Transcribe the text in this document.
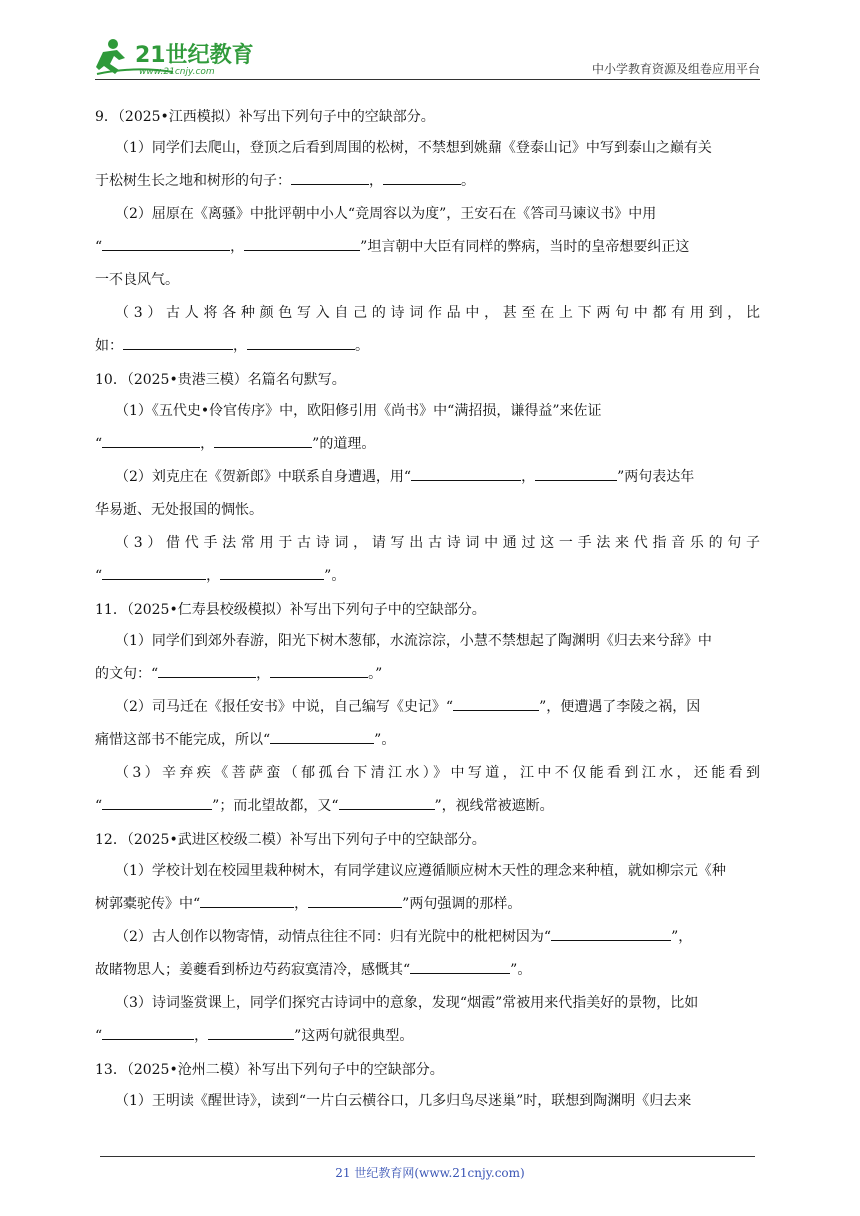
21世纪教育
www.21cnjy.com	中小学教育资源及组卷应用平台
9．（2025•江西模拟）补写出下列句子中的空缺部分。
（1）同学们去爬山，登顶之后看到周围的松树，不禁想到姚鼐《登泰山记》中写到泰山之巅有关
于松树生长之地和树形的句子：	，	。
（2）屈原在《离骚》中批评朝中小人“竞周容以为度”，王安石在《答司马谏议书》中用
“	，	”坦言朝中大臣有同样的弊病，当时的皇帝想要纠正这
一不良风气。
（3）古人将各种颜色写入自己的诗词作品中，甚至在上下两句中都有用到，比
如：	，	。
10．（2025•贵港三模）名篇名句默写。
（1）《五代史•伶官传序》中，欧阳修引用《尚书》中“满招损，谦得益”来佐证
“	，	”的道理。
（2）刘克庄在《贺新郎》中联系自身遭遇，用“	，	”两句表达年
华易逝、无处报国的惆怅。
（3）借代手法常用于古诗词，请写出古诗词中通过这一手法来代指音乐的句子
“	，	”。
11．（2025•仁寿县校级模拟）补写出下列句子中的空缺部分。
（1）同学们到郊外春游，阳光下树木葱郁，水流淙淙，小慧不禁想起了陶渊明《归去来兮辞》中
的文句：“	，	。”
（2）司马迁在《报任安书》中说，自己编写《史记》“	”，便遭遇了李陵之祸，因
痛惜这部书不能完成，所以“	”。
（3）辛弃疾《菩萨蛮（郁孤台下清江水）》中写道，江中不仅能看到江水，还能看到
“	”；而北望故都，又“	”，视线常被遮断。
12．（2025•武进区校级二模）补写出下列句子中的空缺部分。
（1）学校计划在校园里栽种树木，有同学建议应遵循顺应树木天性的理念来种植，就如柳宗元《种
树郭橐驼传》中“	，	”两句强调的那样。
（2）古人创作以物寄情，动情点往往不同：归有光院中的枇杷树因为“	”，
故睹物思人；姜夔看到桥边芍药寂寞清冷，感慨其“	”。
（3）诗词鉴赏课上，同学们探究古诗词中的意象，发现“烟霞”常被用来代指美好的景物，比如
“	，	”这两句就很典型。
13．（2025•沧州二模）补写出下列句子中的空缺部分。
（1）王明读《醒世诗》，读到“一片白云横谷口，几多归鸟尽迷巢”时，联想到陶渊明《归去来
21 世纪教育网(www.21cnjy.com)
